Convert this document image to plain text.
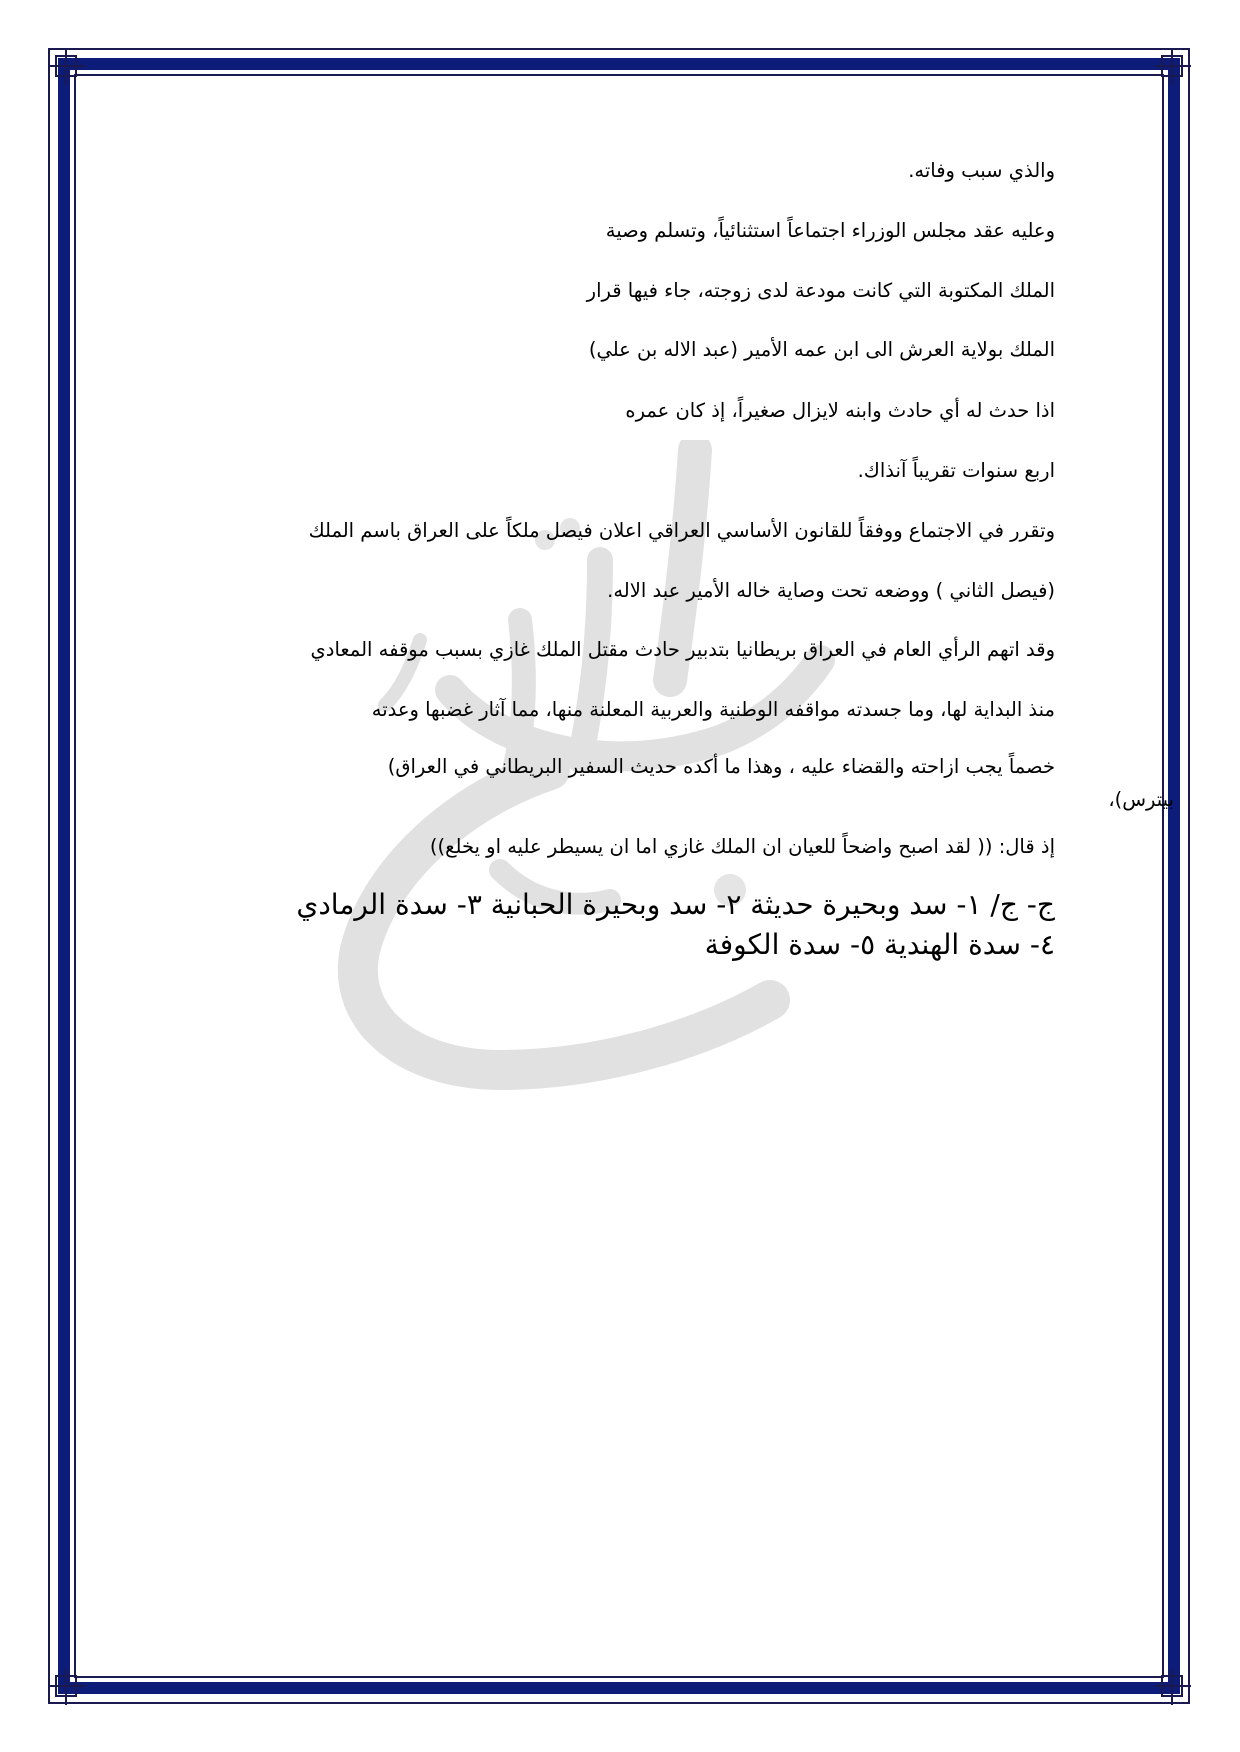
والذي سبب وفاته.
وعليه عقد مجلس الوزراء اجتماعاً استثنائياً، وتسلم وصية
الملك المكتوبة التي كانت مودعة لدى زوجته، جاء فيها قرار
الملك بولاية العرش الى ابن عمه الأمير (عبد الاله بن علي)
اذا حدث له أي حادث وابنه لايزال صغيراً، إذ كان عمره
اربع سنوات تقريباً آنذاك.
وتقرر في الاجتماع ووفقاً للقانون الأساسي العراقي اعلان فيصل ملكاً على العراق باسم الملك
(فيصل الثاني ) ووضعه تحت وصاية خاله الأمير عبد الاله.
وقد اتهم الرأي العام في العراق بريطانيا بتدبير حادث مقتل الملك غازي بسبب موقفه المعادي
منذ البداية لها، وما جسدته مواقفه الوطنية والعربية المعلنة منها، مما آثار غضبها وعدته
خصماً يجب ازاحته والقضاء عليه ، وهذا ما أكده حديث السفير البريطاني في العراق)
بيترس)،
إذ قال: (( لقد اصبح واضحاً للعيان ان الملك غازي اما ان يسيطر عليه او يخلع))
ج- ج/ ١- سد وبحيرة حديثة ٢- سد وبحيرة الحبانية ٣- سدة الرمادي
٤- سدة الهندية ٥- سدة الكوفة
